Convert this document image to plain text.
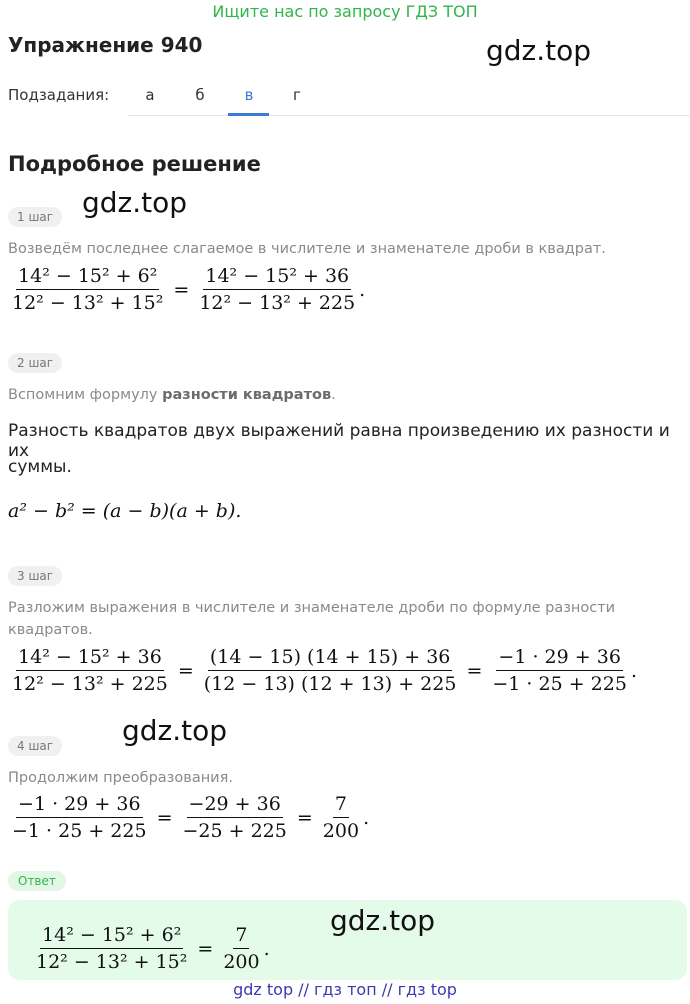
Ищите нас по запросу ГДЗ ТОП
Упражнение 940	gdz.top
Подзадания:	а	б	в	г
Подробное решение
gdz.top
1 шаг
Возведём последнее слагаемое в числителе и знаменателе дроби в квадрат.
$\frac{\text{14² − 15² + 6²}}{\text{12² − 13² + 15²}} = \frac{\text{14² − 15² + 36}}{\text{12² − 13² + 225}}$ .
2 шаг
Вспомним формулу разности квадратов.
Разность квадратов двух выражений равна произведению их разности и их
суммы.
a² − b² = (a − b)(a + b).
3 шаг
Разложим выражения в числителе и знаменателе дроби по формуле разности
квадратов.
$\frac{\text{14² − 15² + 36}}{\text{12² − 13² + 225}} = \frac{(14 - 15) (14 + 15) + 36}{(12 - 13) (12 + 13) + 225} = \frac{-1 \cdot 29 + 36}{-1 \cdot 25 + 225}$ .
gdz.top
4 шаг
Продолжим преобразования.
$\frac{-1 \cdot 29 + 36}{-1 \cdot 25 + 225} = \frac{-29 + 36}{-25 + 225} = \frac{7}{200}$ .
Ответ
gdz.top
$\frac{\text{14² − 15² + 6²}}{\text{12² − 13² + 15²}} = \frac{7}{200}$ .
gdz top // гдз топ // гдз top
